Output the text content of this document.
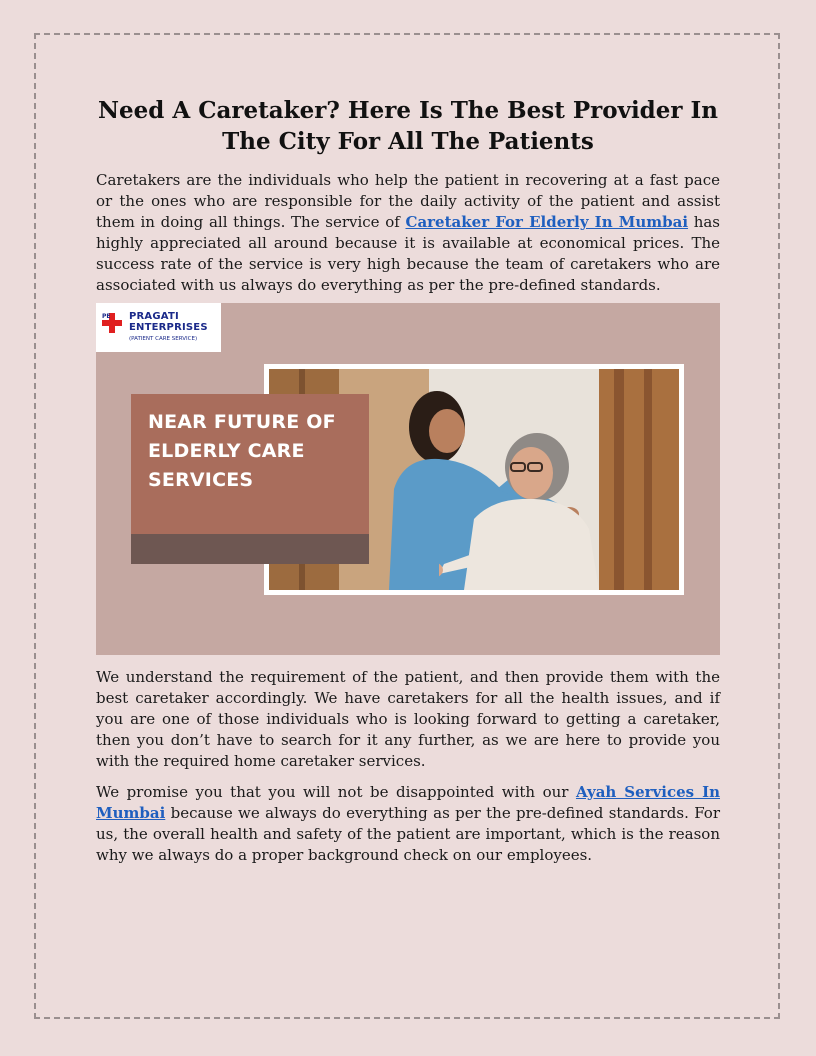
Need A Caretaker? Here Is The Best Provider In The City For All The Patients

Caretakers are the individuals who help the patient in recovering at a fast pace or the ones who are responsible for the daily activity of the patient and assist them in doing all things. The service of Caretaker For Elderly In Mumbai has highly appreciated all around because it is available at economical prices. The success rate of the service is very high because the team of caretakers who are associated with us always do everything as per the pre-defined standards.

PE PRAGATI
ENTERPRISES
(PATIENT CARE SERVICE)
NEAR FUTURE OF
ELDERLY CARE
SERVICES

We understand the requirement of the patient, and then provide them with the best caretaker accordingly. We have caretakers for all the health issues, and if you are one of those individuals who is looking forward to getting a caretaker, then you don’t have to search for it any further, as we are here to provide you with the required home caretaker services.

We promise you that you will not be disappointed with our Ayah Services In Mumbai because we always do everything as per the pre-defined standards. For us, the overall health and safety of the patient are important, which is the reason why we always do a proper background check on our employees.
